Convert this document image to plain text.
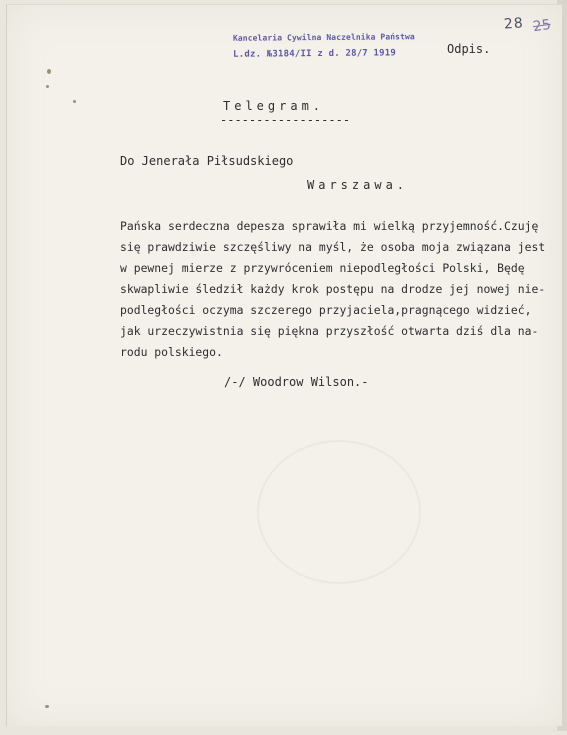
Kancelaria Cywilna Naczelnika Państwa
L.dz. №3184/II z d. 28/7 1919
28 25
Odpis.
Telegram.
------------------
Do Jenerała Piłsudskiego
Warszawa.
Pańska serdeczna depesza sprawiła mi wielką przyjemność.Czuję
się prawdziwie szczęśliwy na myśl, że osoba moja związana jest
w pewnej mierze z przywróceniem niepodległości Polski, Będę
skwapliwie śledził każdy krok postępu na drodze jej nowej nie-
podległości oczyma szczerego przyjaciela,pragnącego widzieć,
jak urzeczywistnia się piękna przyszłość otwarta dziś dla na-
rodu polskiego.
/-/ Woodrow Wilson.-
